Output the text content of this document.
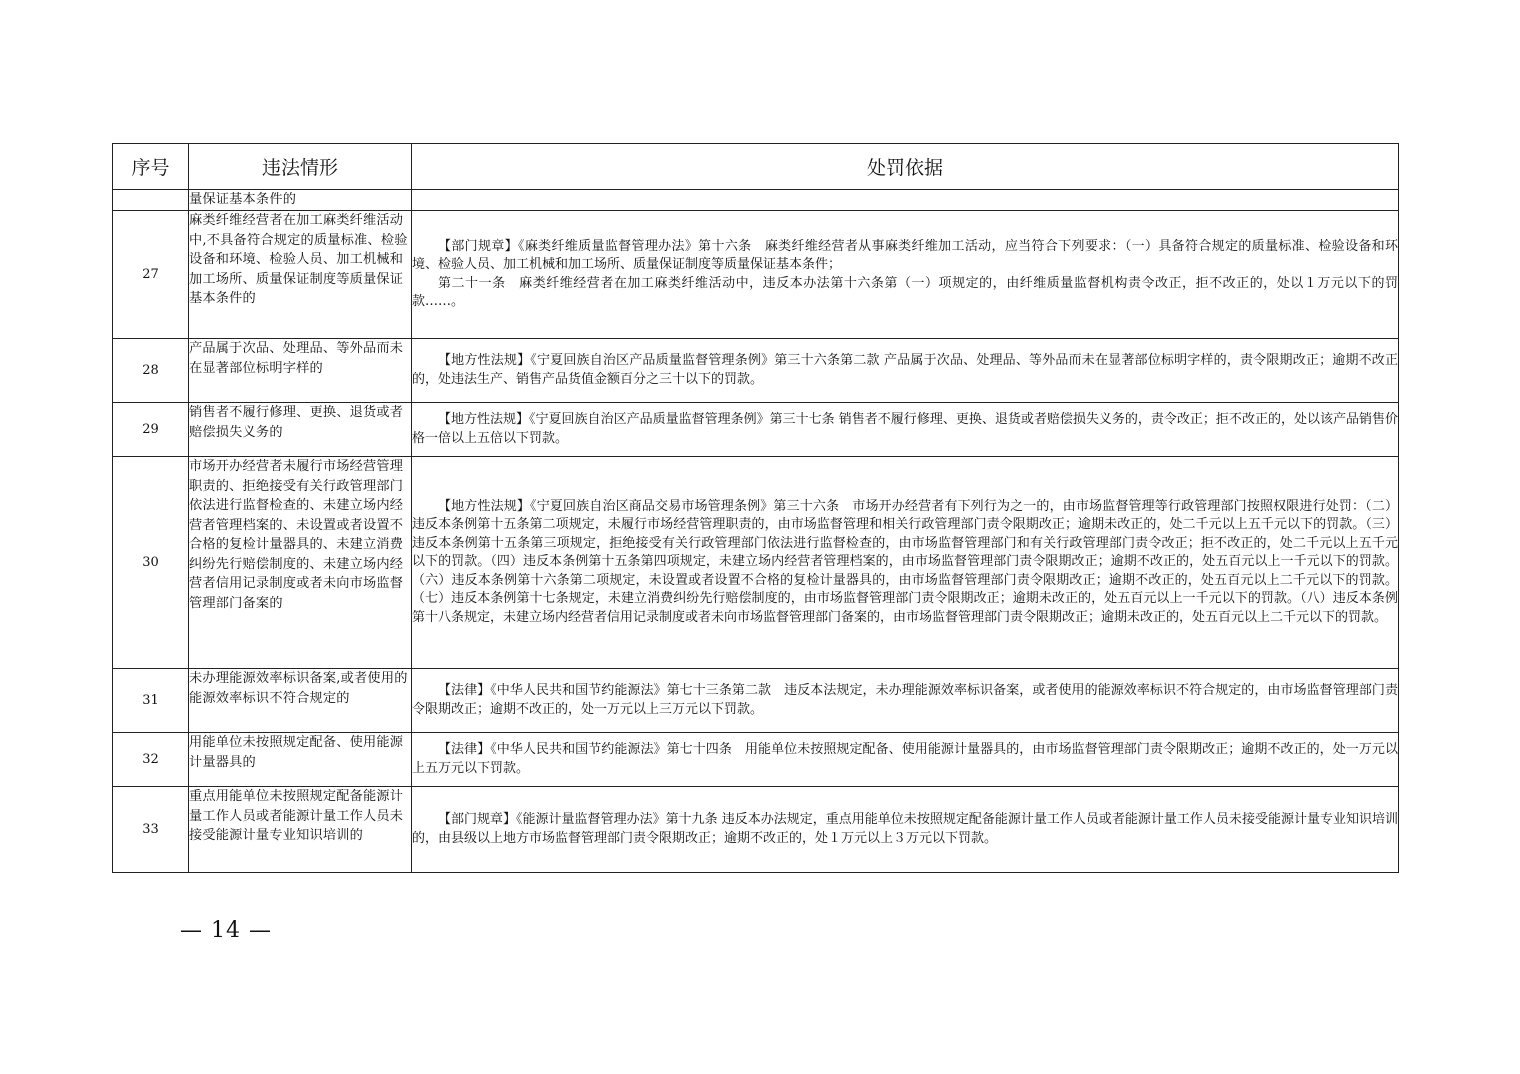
序号	违法情形	处罚依据
	量保证基本条件的	
27	麻类纤维经营者在加工麻类纤维活动中,不具备符合规定的质量标准、检验设备和环境、检验人员、加工机械和加工场所、质量保证制度等质量保证基本条件的	【部门规章】《麻类纤维质量监督管理办法》第十六条　麻类纤维经营者从事麻类纤维加工活动，应当符合下列要求：（一）具备符合规定的质量标准、检验设备和环境、检验人员、加工机械和加工场所、质量保证制度等质量保证基本条件；

第二十一条　麻类纤维经营者在加工麻类纤维活动中，违反本办法第十六条第（一）项规定的，由纤维质量监督机构责令改正，拒不改正的，处以１万元以下的罚款……。

28	产品属于次品、处理品、等外品而未在显著部位标明字样的	【地方性法规】《宁夏回族自治区产品质量监督管理条例》第三十六条第二款 产品属于次品、处理品、等外品而未在显著部位标明字样的，责令限期改正；逾期不改正的，处违法生产、销售产品货值金额百分之三十以下的罚款。

29	销售者不履行修理、更换、退货或者赔偿损失义务的	【地方性法规】《宁夏回族自治区产品质量监督管理条例》第三十七条 销售者不履行修理、更换、退货或者赔偿损失义务的，责令改正；拒不改正的，处以该产品销售价格一倍以上五倍以下罚款。

30	市场开办经营者未履行市场经营管理职责的、拒绝接受有关行政管理部门依法进行监督检查的、未建立场内经营者管理档案的、未设置或者设置不合格的复检计量器具的、未建立消费纠纷先行赔偿制度的、未建立场内经营者信用记录制度或者未向市场监督管理部门备案的	【地方性法规】《宁夏回族自治区商品交易市场管理条例》第三十六条　市场开办经营者有下列行为之一的，由市场监督管理等行政管理部门按照权限进行处罚：（二）违反本条例第十五条第二项规定，未履行市场经营管理职责的，由市场监督管理和相关行政管理部门责令限期改正；逾期未改正的，处二千元以上五千元以下的罚款。（三）违反本条例第十五条第三项规定，拒绝接受有关行政管理部门依法进行监督检查的，由市场监督管理部门和有关行政管理部门责令改正；拒不改正的，处二千元以上五千元以下的罚款。（四）违反本条例第十五条第四项规定，未建立场内经营者管理档案的，由市场监督管理部门责令限期改正；逾期不改正的，处五百元以上一千元以下的罚款。（六）违反本条例第十六条第二项规定，未设置或者设置不合格的复检计量器具的，由市场监督管理部门责令限期改正；逾期不改正的，处五百元以上二千元以下的罚款。（七）违反本条例第十七条规定，未建立消费纠纷先行赔偿制度的，由市场监督管理部门责令限期改正；逾期未改正的，处五百元以上一千元以下的罚款。（八）违反本条例第十八条规定，未建立场内经营者信用记录制度或者未向市场监督管理部门备案的，由市场监督管理部门责令限期改正；逾期未改正的，处五百元以上二千元以下的罚款。

31	未办理能源效率标识备案,或者使用的能源效率标识不符合规定的	【法律】《中华人民共和国节约能源法》第七十三条第二款　违反本法规定，未办理能源效率标识备案，或者使用的能源效率标识不符合规定的，由市场监督管理部门责令限期改正；逾期不改正的，处一万元以上三万元以下罚款。

32	用能单位未按照规定配备、使用能源计量器具的	【法律】《中华人民共和国节约能源法》第七十四条　用能单位未按照规定配备、使用能源计量器具的，由市场监督管理部门责令限期改正；逾期不改正的，处一万元以上五万元以下罚款。

33	重点用能单位未按照规定配备能源计量工作人员或者能源计量工作人员未接受能源计量专业知识培训的	【部门规章】《能源计量监督管理办法》第十九条 违反本办法规定，重点用能单位未按照规定配备能源计量工作人员或者能源计量工作人员未接受能源计量专业知识培训的，由县级以上地方市场监督管理部门责令限期改正；逾期不改正的，处１万元以上３万元以下罚款。

— 14 —
